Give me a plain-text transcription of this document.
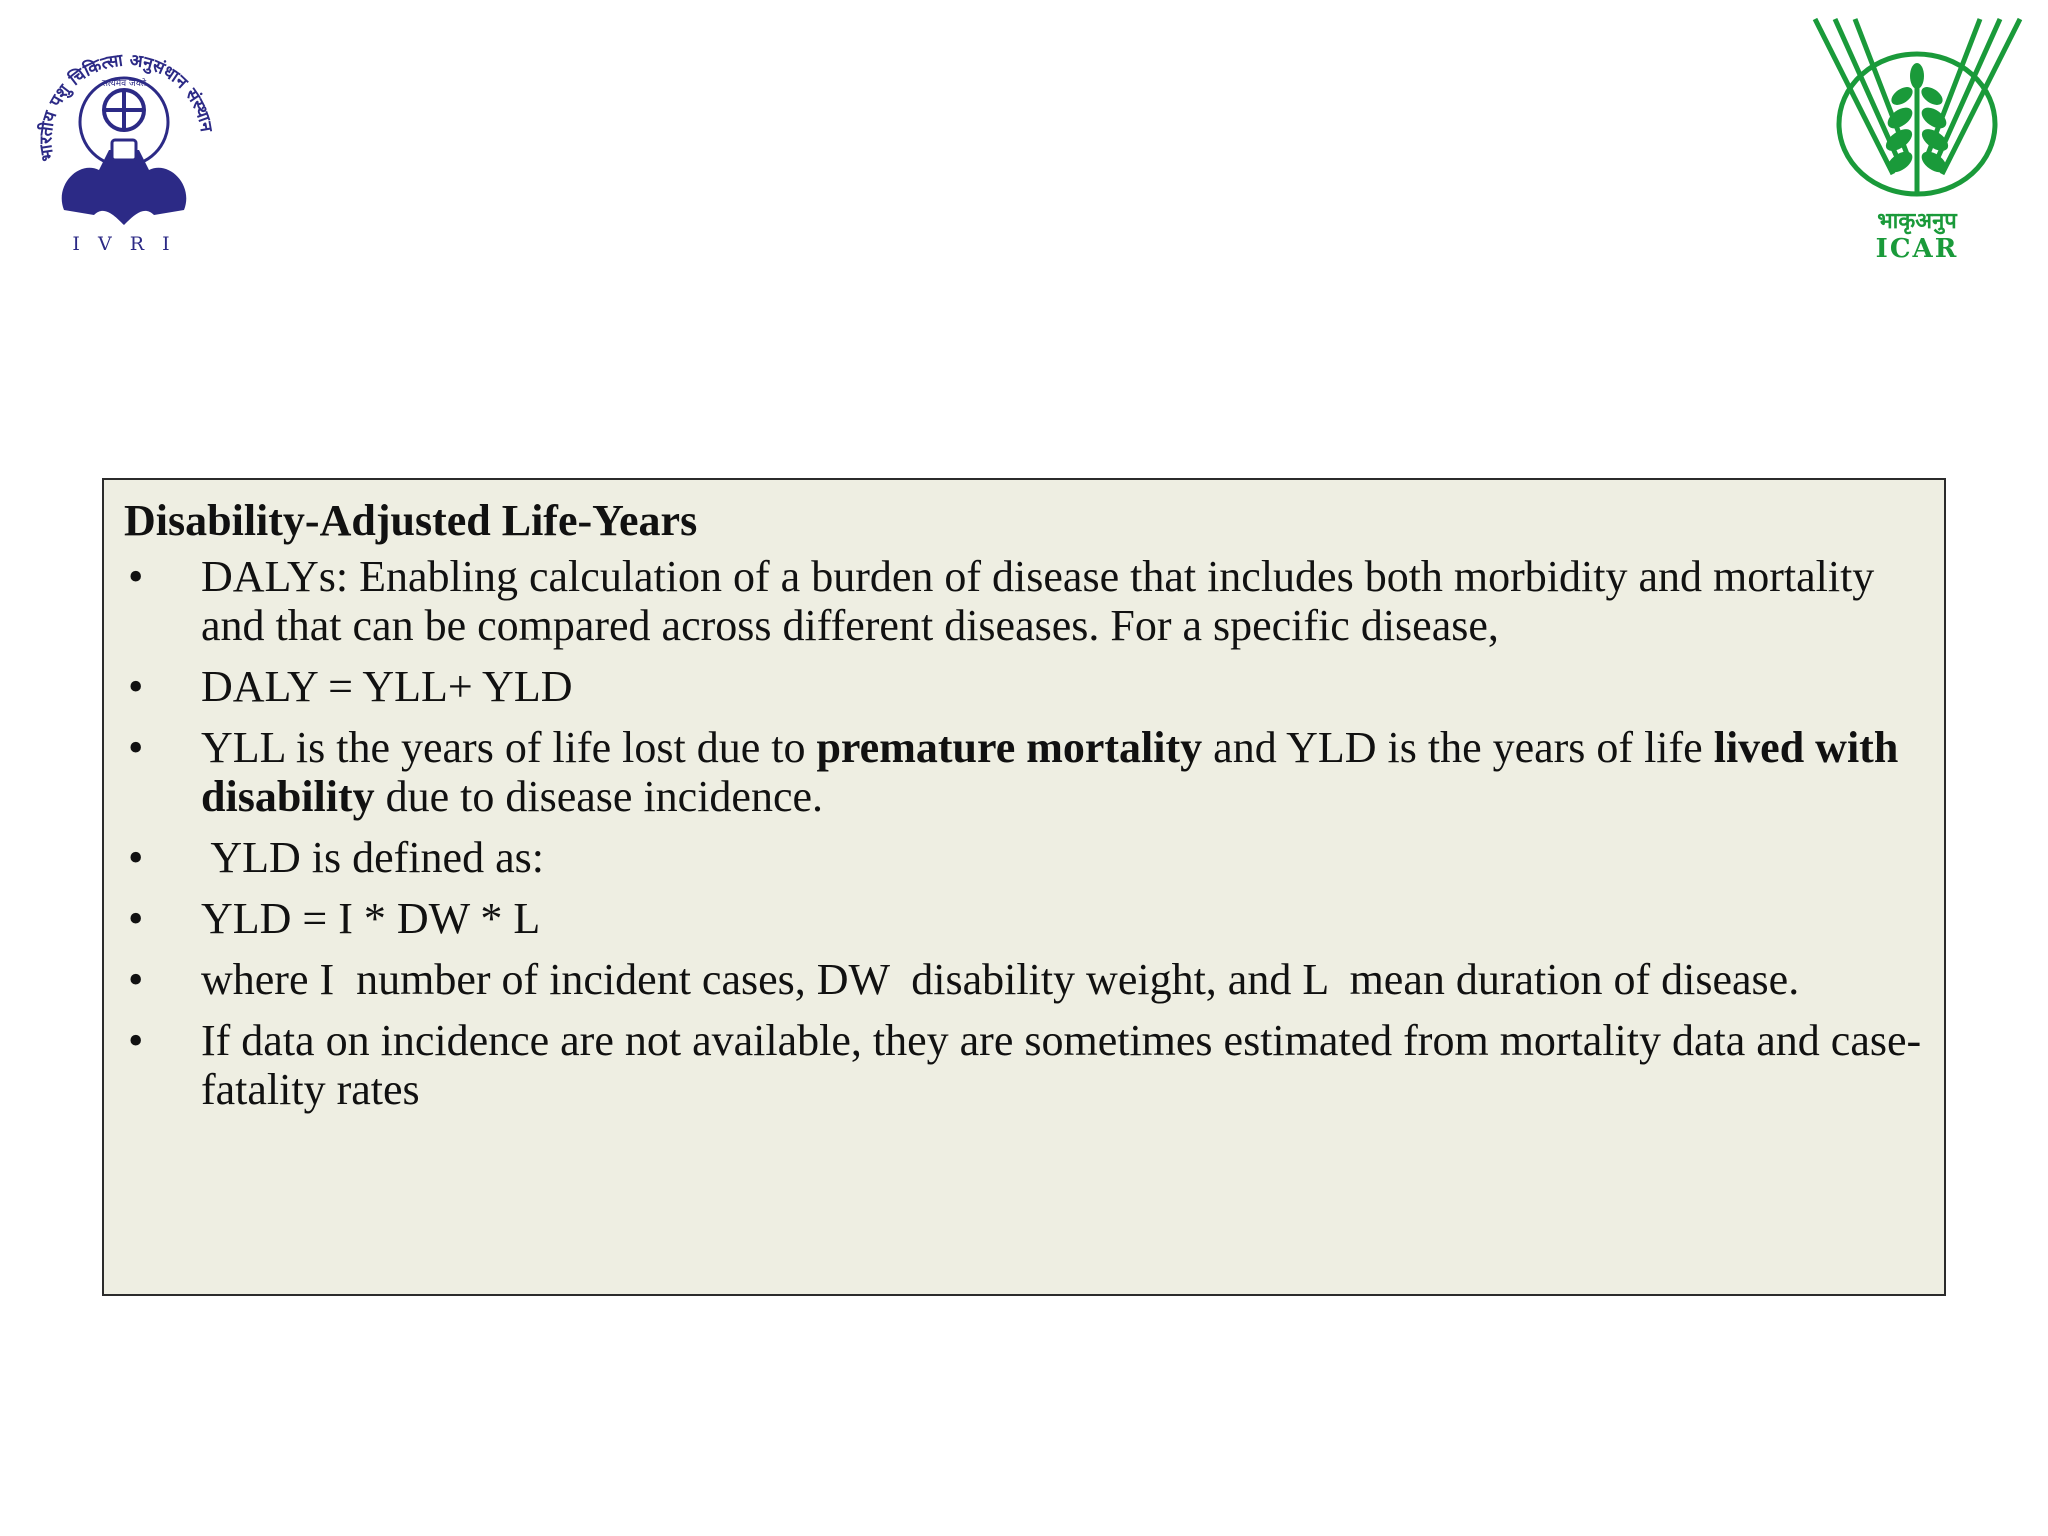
भारतीय पशु चिकित्सा अनुसंधान संस्थान
सत्यमेव जयते
I V R I
भाकृअनुप
ICAR
Disability-Adjusted Life-Years
• DALYs: Enabling calculation of a burden of disease that includes both morbidity and mortality and that can be compared across different diseases. For a specific disease,
• DALY = YLL+ YLD
• YLL is the years of life lost due to premature mortality and YLD is the years of life lived with disability due to disease incidence.
• YLD is defined as:
• YLD = I * DW * L
• where I  number of incident cases, DW  disability weight, and L  mean duration of disease.
• If data on incidence are not available, they are sometimes estimated from mortality data and case-fatality rates
